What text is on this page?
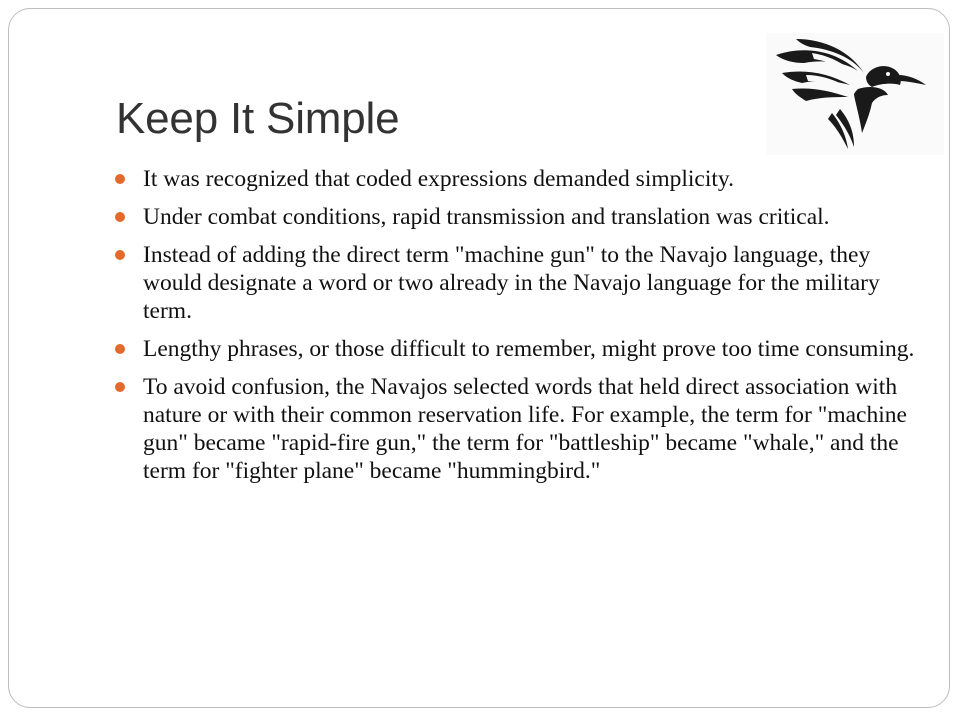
Keep It Simple
It was recognized that coded expressions demanded simplicity.
Under combat conditions, rapid transmission and translation was critical.
Instead of adding the direct term "machine gun" to the Navajo language, they would designate a word or two already in the Navajo language for the military term.
Lengthy phrases, or those difficult to remember, might prove too time consuming.
To avoid confusion, the Navajos selected words that held direct association with nature or with their common reservation life. For example, the term for "machine gun" became "rapid-fire gun," the term for "battleship" became "whale," and the term for "fighter plane" became "hummingbird."
